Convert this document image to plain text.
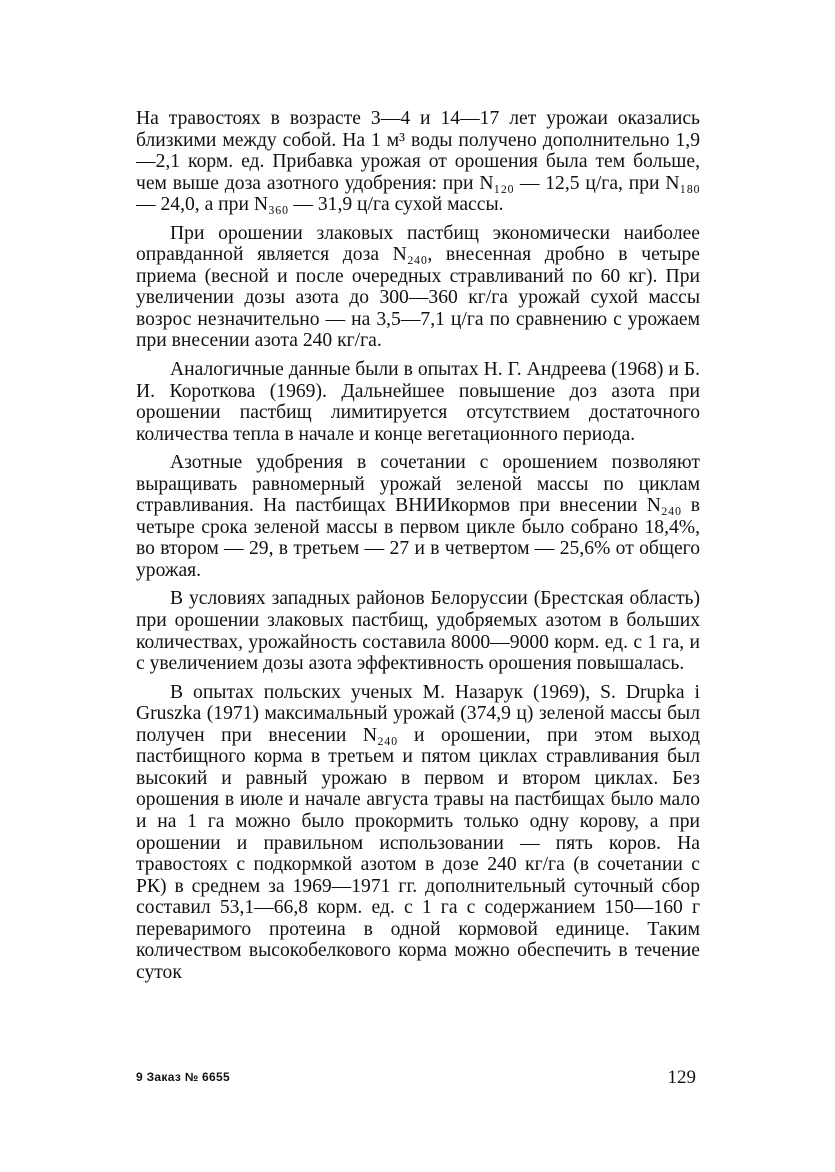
На травостоях в возрасте 3—4 и 14—17 лет урожаи оказались близкими между собой. На 1 м³ воды получено дополнительно 1,9—2,1 корм. ед. Прибавка урожая от орошения была тем больше, чем выше доза азотного удобрения: при N₁₂₀ — 12,5 ц/га, при N₁₈₀ — 24,0, а при N₃₆₀ — 31,9 ц/га сухой массы.

При орошении злаковых пастбищ экономически наиболее оправданной является доза N₂₄₀, внесенная дробно в четыре приема (весной и после очередных стравливаний по 60 кг). При увеличении дозы азота до 300—360 кг/га урожай сухой массы возрос незначительно — на 3,5—7,1 ц/га по сравнению с урожаем при внесении азота 240 кг/га.

Аналогичные данные были в опытах Н. Г. Андреева (1968) и Б. И. Короткова (1969). Дальнейшее повышение доз азота при орошении пастбищ лимитируется отсутствием достаточного количества тепла в начале и конце вегетационного периода.

Азотные удобрения в сочетании с орошением позволяют выращивать равномерный урожай зеленой массы по циклам стравливания. На пастбищах ВНИИкормов при внесении N₂₄₀ в четыре срока зеленой массы в первом цикле было собрано 18,4%, во втором — 29, в третьем — 27 и в четвертом — 25,6% от общего урожая.

В условиях западных районов Белоруссии (Брестская область) при орошении злаковых пастбищ, удобряемых азотом в больших количествах, урожайность составила 8000—9000 корм. ед. с 1 га, и с увеличением дозы азота эффективность орошения повышалась.

В опытах польских ученых М. Назарук (1969), S. Drupka i Gruszka (1971) максимальный урожай (374,9 ц) зеленой массы был получен при внесении N₂₄₀ и орошении, при этом выход пастбищного корма в третьем и пятом циклах стравливания был высокий и равный урожаю в первом и втором циклах. Без орошения в июле и начале августа травы на пастбищах было мало и на 1 га можно было прокормить только одну корову, а при орошении и правильном использовании — пять коров. На травостоях с подкормкой азотом в дозе 240 кг/га (в сочетании с РК) в среднем за 1969—1971 гг. дополнительный суточный сбор составил 53,1—66,8 корм. ед. с 1 га с содержанием 150—160 г переваримого протеина в одной кормовой единице. Таким количеством высокобелкового корма можно обеспечить в течение суток

9 Заказ № 6655	129
